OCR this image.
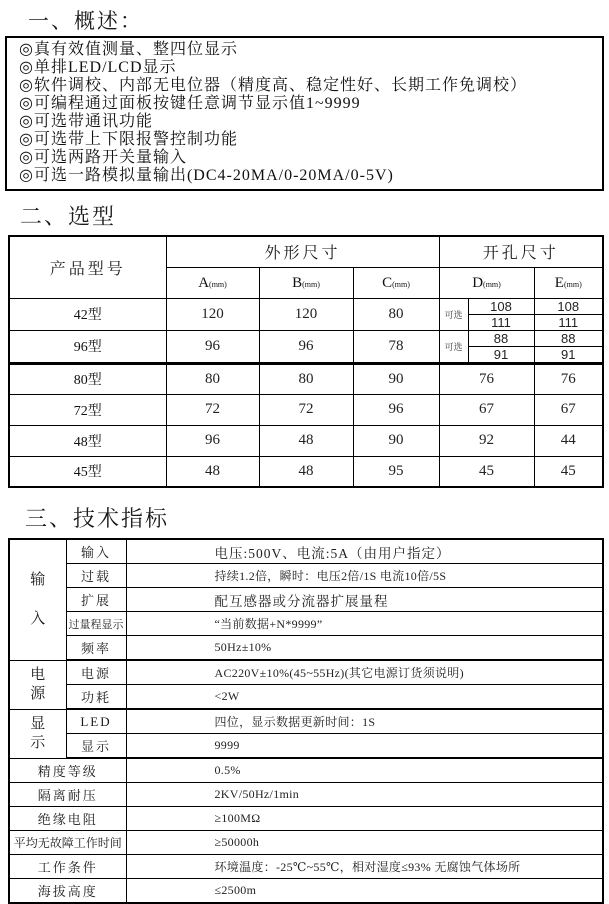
一、概述：
◎真有效值测量、整四位显示
◎单排LED/LCD显示
◎软件调校、内部无电位器（精度高、稳定性好、长期工作免调校）
◎可编程通过面板按键任意调节显示值1~9999
◎可选带通讯功能
◎可选带上下限报警控制功能
◎可选两路开关量输入
◎可选一路模拟量输出(DC4-20MA/0-20MA/0-5V)
二、选型
产品型号	外形尺寸			开孔尺寸		
	A(mm)	B(mm)	C(mm)	D(mm)		E(mm)
42型	120	120	80	可选	108	108
					111	111
96型	96	96	78	可选	88	88
					91	91
80型	80	80	90	76		76
72型	72	72	96	67		67
48型	96	48	90	92		44
45型	48	48	95	45		45
三、技术指标
输
入	输入	电压:500V、电流:5A（由用户指定）
	过载	持续1.2倍，瞬时：电压2倍/1S 电流10倍/5S
	扩展	配互感器或分流器扩展量程
	过量程显示	“当前数据+N*9999”
	频率	50Hz±10%

电
源	电源	AC220V±10%(45~55Hz)(其它电源订货须说明)
	功耗	<2W

显
示	LED	四位，显示数据更新时间：1S
	显示	9999
精度等级		0.5%
隔离耐压		2KV/50Hz/1min
绝缘电阻		≥100MΩ
平均无故障工作时间		≥50000h
工作条件		环境温度：-25℃~55℃，相对湿度≤93% 无腐蚀气体场所
海拔高度		≤2500m
